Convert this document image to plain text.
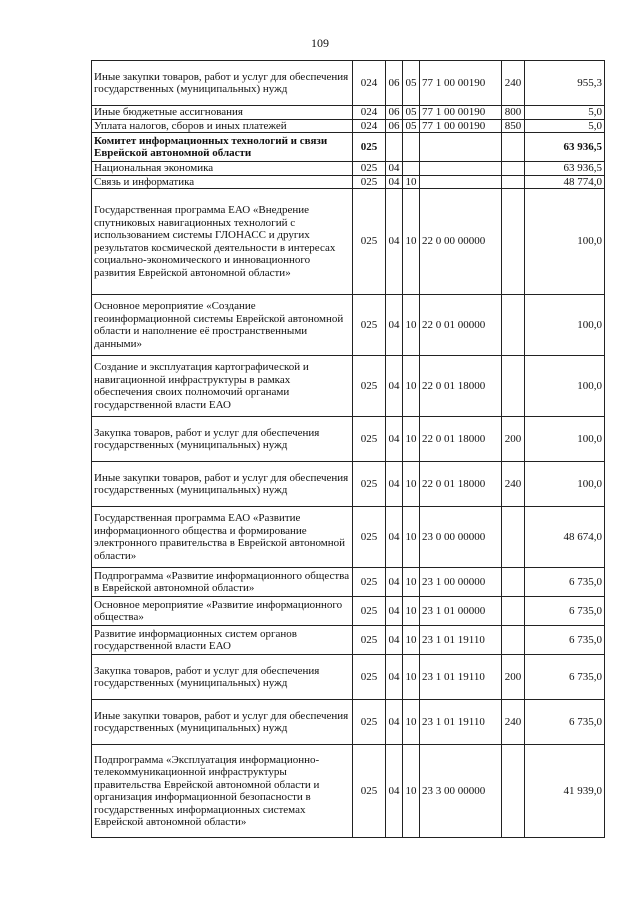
109
Иные закупки товаров, работ и услуг для обеспечения государственных (муниципальных) нужд	024	06	05	77 1 00 00190	240	955,3
Иные бюджетные ассигнования	024	06	05	77 1 00 00190	800	5,0
Уплата налогов, сборов и иных платежей	024	06	05	77 1 00 00190	850	5,0
Комитет информационных технологий и связи Еврейской автономной области	025					63 936,5
Национальная экономика	025	04				63 936,5
Связь и информатика	025	04	10			48 774,0
Государственная программа ЕАО «Внедрение спутниковых навигационных технологий с использованием системы ГЛОНАСС и других результатов космической деятельности в интересах социально-экономического и инновационного развития Еврейской автономной области»	025	04	10	22 0 00 00000		100,0
Основное мероприятие «Создание геоинформационной системы Еврейской автономной области и наполнение её пространственными данными»	025	04	10	22 0 01 00000		100,0
Создание и эксплуатация картографической и навигационной инфраструктуры в рамках обеспечения своих полномочий органами государственной власти ЕАО	025	04	10	22 0 01 18000		100,0
Закупка товаров, работ и услуг для обеспечения государственных (муниципальных) нужд	025	04	10	22 0 01 18000	200	100,0
Иные закупки товаров, работ и услуг для обеспечения государственных (муниципальных) нужд	025	04	10	22 0 01 18000	240	100,0
Государственная программа ЕАО «Развитие информационного общества и формирование электронного правительства в Еврейской автономной области»	025	04	10	23 0 00 00000		48 674,0
Подпрограмма «Развитие информационного общества в Еврейской автономной области»	025	04	10	23 1 00 00000		6 735,0
Основное мероприятие «Развитие информационного общества»	025	04	10	23 1 01 00000		6 735,0
Развитие информационных систем органов государственной власти ЕАО	025	04	10	23 1 01 19110		6 735,0
Закупка товаров, работ и услуг для обеспечения государственных (муниципальных) нужд	025	04	10	23 1 01 19110	200	6 735,0
Иные закупки товаров, работ и услуг для обеспечения государственных (муниципальных) нужд	025	04	10	23 1 01 19110	240	6 735,0
Подпрограмма «Эксплуатация информационно-телекоммуникационной инфраструктуры правительства Еврейской автономной области и организация информационной безопасности в государственных информационных системах Еврейской автономной области»	025	04	10	23 3 00 00000		41 939,0
